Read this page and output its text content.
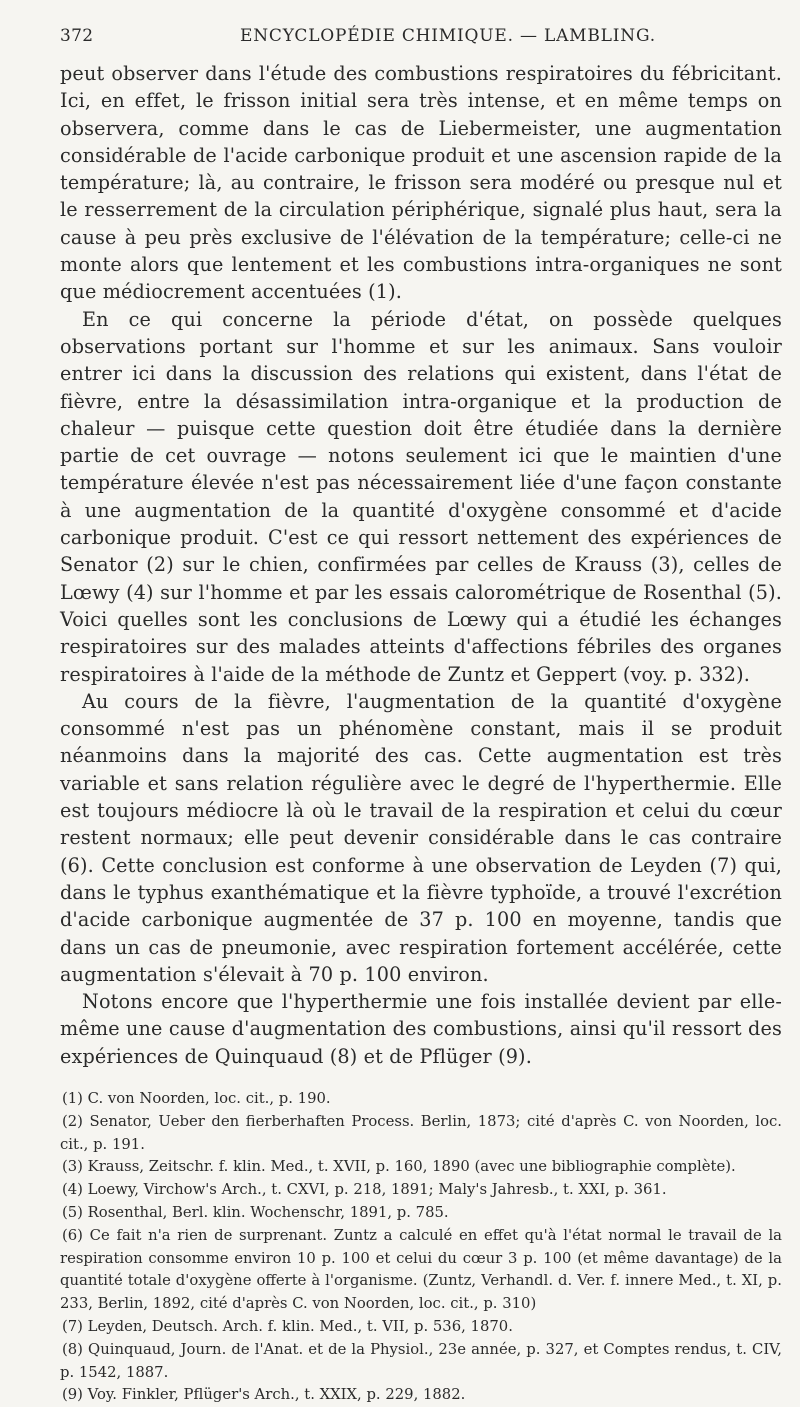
372	ENCYCLOPÉDIE CHIMIQUE. — LAMBLING.

peut observer dans l'étude des combustions respiratoires du fébricitant. Ici, en effet, le frisson initial sera très intense, et en même temps on observera, comme dans le cas de Liebermeister, une augmentation considérable de l'acide carbonique produit et une ascension rapide de la température; là, au contraire, le frisson sera modéré ou presque nul et le resserrement de la circulation périphérique, signalé plus haut, sera la cause à peu près exclusive de l'élévation de la température; celle-ci ne monte alors que lentement et les combustions intra-organiques ne sont que médiocrement accentuées (1).

En ce qui concerne la période d'état, on possède quelques observations portant sur l'homme et sur les animaux. Sans vouloir entrer ici dans la discussion des relations qui existent, dans l'état de fièvre, entre la désassimilation intra-organique et la production de chaleur — puisque cette question doit être étudiée dans la dernière partie de cet ouvrage — notons seulement ici que le maintien d'une température élevée n'est pas nécessairement liée d'une façon constante à une augmentation de la quantité d'oxygène consommé et d'acide carbonique produit. C'est ce qui ressort nettement des expériences de Senator (2) sur le chien, confirmées par celles de Krauss (3), celles de Lœwy (4) sur l'homme et par les essais calorométrique de Rosenthal (5). Voici quelles sont les conclusions de Lœwy qui a étudié les échanges respiratoires sur des malades atteints d'affections fébriles des organes respiratoires à l'aide de la méthode de Zuntz et Geppert (voy. p. 332).

Au cours de la fièvre, l'augmentation de la quantité d'oxygène consommé n'est pas un phénomène constant, mais il se produit néanmoins dans la majorité des cas. Cette augmentation est très variable et sans relation régulière avec le degré de l'hyperthermie. Elle est toujours médiocre là où le travail de la respiration et celui du cœur restent normaux; elle peut devenir considérable dans le cas contraire (6). Cette conclusion est conforme à une observation de Leyden (7) qui, dans le typhus exanthématique et la fièvre typhoïde, a trouvé l'excrétion d'acide carbonique augmentée de 37 p. 100 en moyenne, tandis que dans un cas de pneumonie, avec respiration fortement accélérée, cette augmentation s'élevait à 70 p. 100 environ.

Notons encore que l'hyperthermie une fois installée devient par elle-même une cause d'augmentation des combustions, ainsi qu'il ressort des expériences de Quinquaud (8) et de Pflüger (9).

(1) C. von Noorden, loc. cit., p. 190.

(2) Senator, Ueber den fierberhaften Process. Berlin, 1873; cité d'après C. von Noorden, loc. cit., p. 191.

(3) Krauss, Zeitschr. f. klin. Med., t. XVII, p. 160, 1890 (avec une bibliographie complète).

(4) Loewy, Virchow's Arch., t. CXVI, p. 218, 1891; Maly's Jahresb., t. XXI, p. 361.

(5) Rosenthal, Berl. klin. Wochenschr, 1891, p. 785.

(6) Ce fait n'a rien de surprenant. Zuntz a calculé en effet qu'à l'état normal le travail de la respiration consomme environ 10 p. 100 et celui du cœur 3 p. 100 (et même davantage) de la quantité totale d'oxygène offerte à l'organisme. (Zuntz, Verhandl. d. Ver. f. innere Med., t. XI, p. 233, Berlin, 1892, cité d'après C. von Noorden, loc. cit., p. 310)

(7) Leyden, Deutsch. Arch. f. klin. Med., t. VII, p. 536, 1870.

(8) Quinquaud, Journ. de l'Anat. et de la Physiol., 23e année, p. 327, et Comptes rendus, t. CIV, p. 1542, 1887.

(9) Voy. Finkler, Pflüger's Arch., t. XXIX, p. 229, 1882.
